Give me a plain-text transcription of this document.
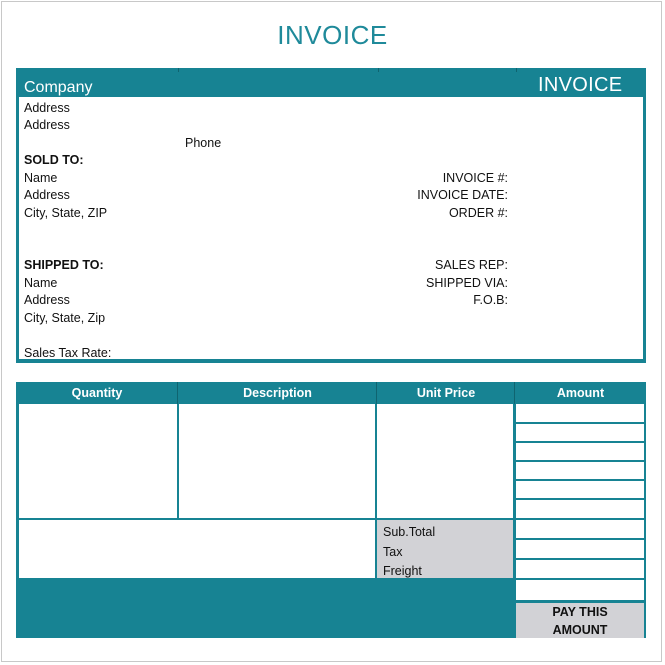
INVOICE
Company	INVOICE
Address
Address
Phone
SOLD TO:
Name
Address
City, State, ZIP
INVOICE #:
INVOICE DATE:
ORDER #:
SHIPPED TO:
Name
Address
City, State, Zip
SALES REP:
SHIPPED VIA:
F.O.B:
Sales Tax Rate:
Quantity	Description	Unit Price	Amount
Sub.Total
Tax
Freight
PAY THIS
AMOUNT
